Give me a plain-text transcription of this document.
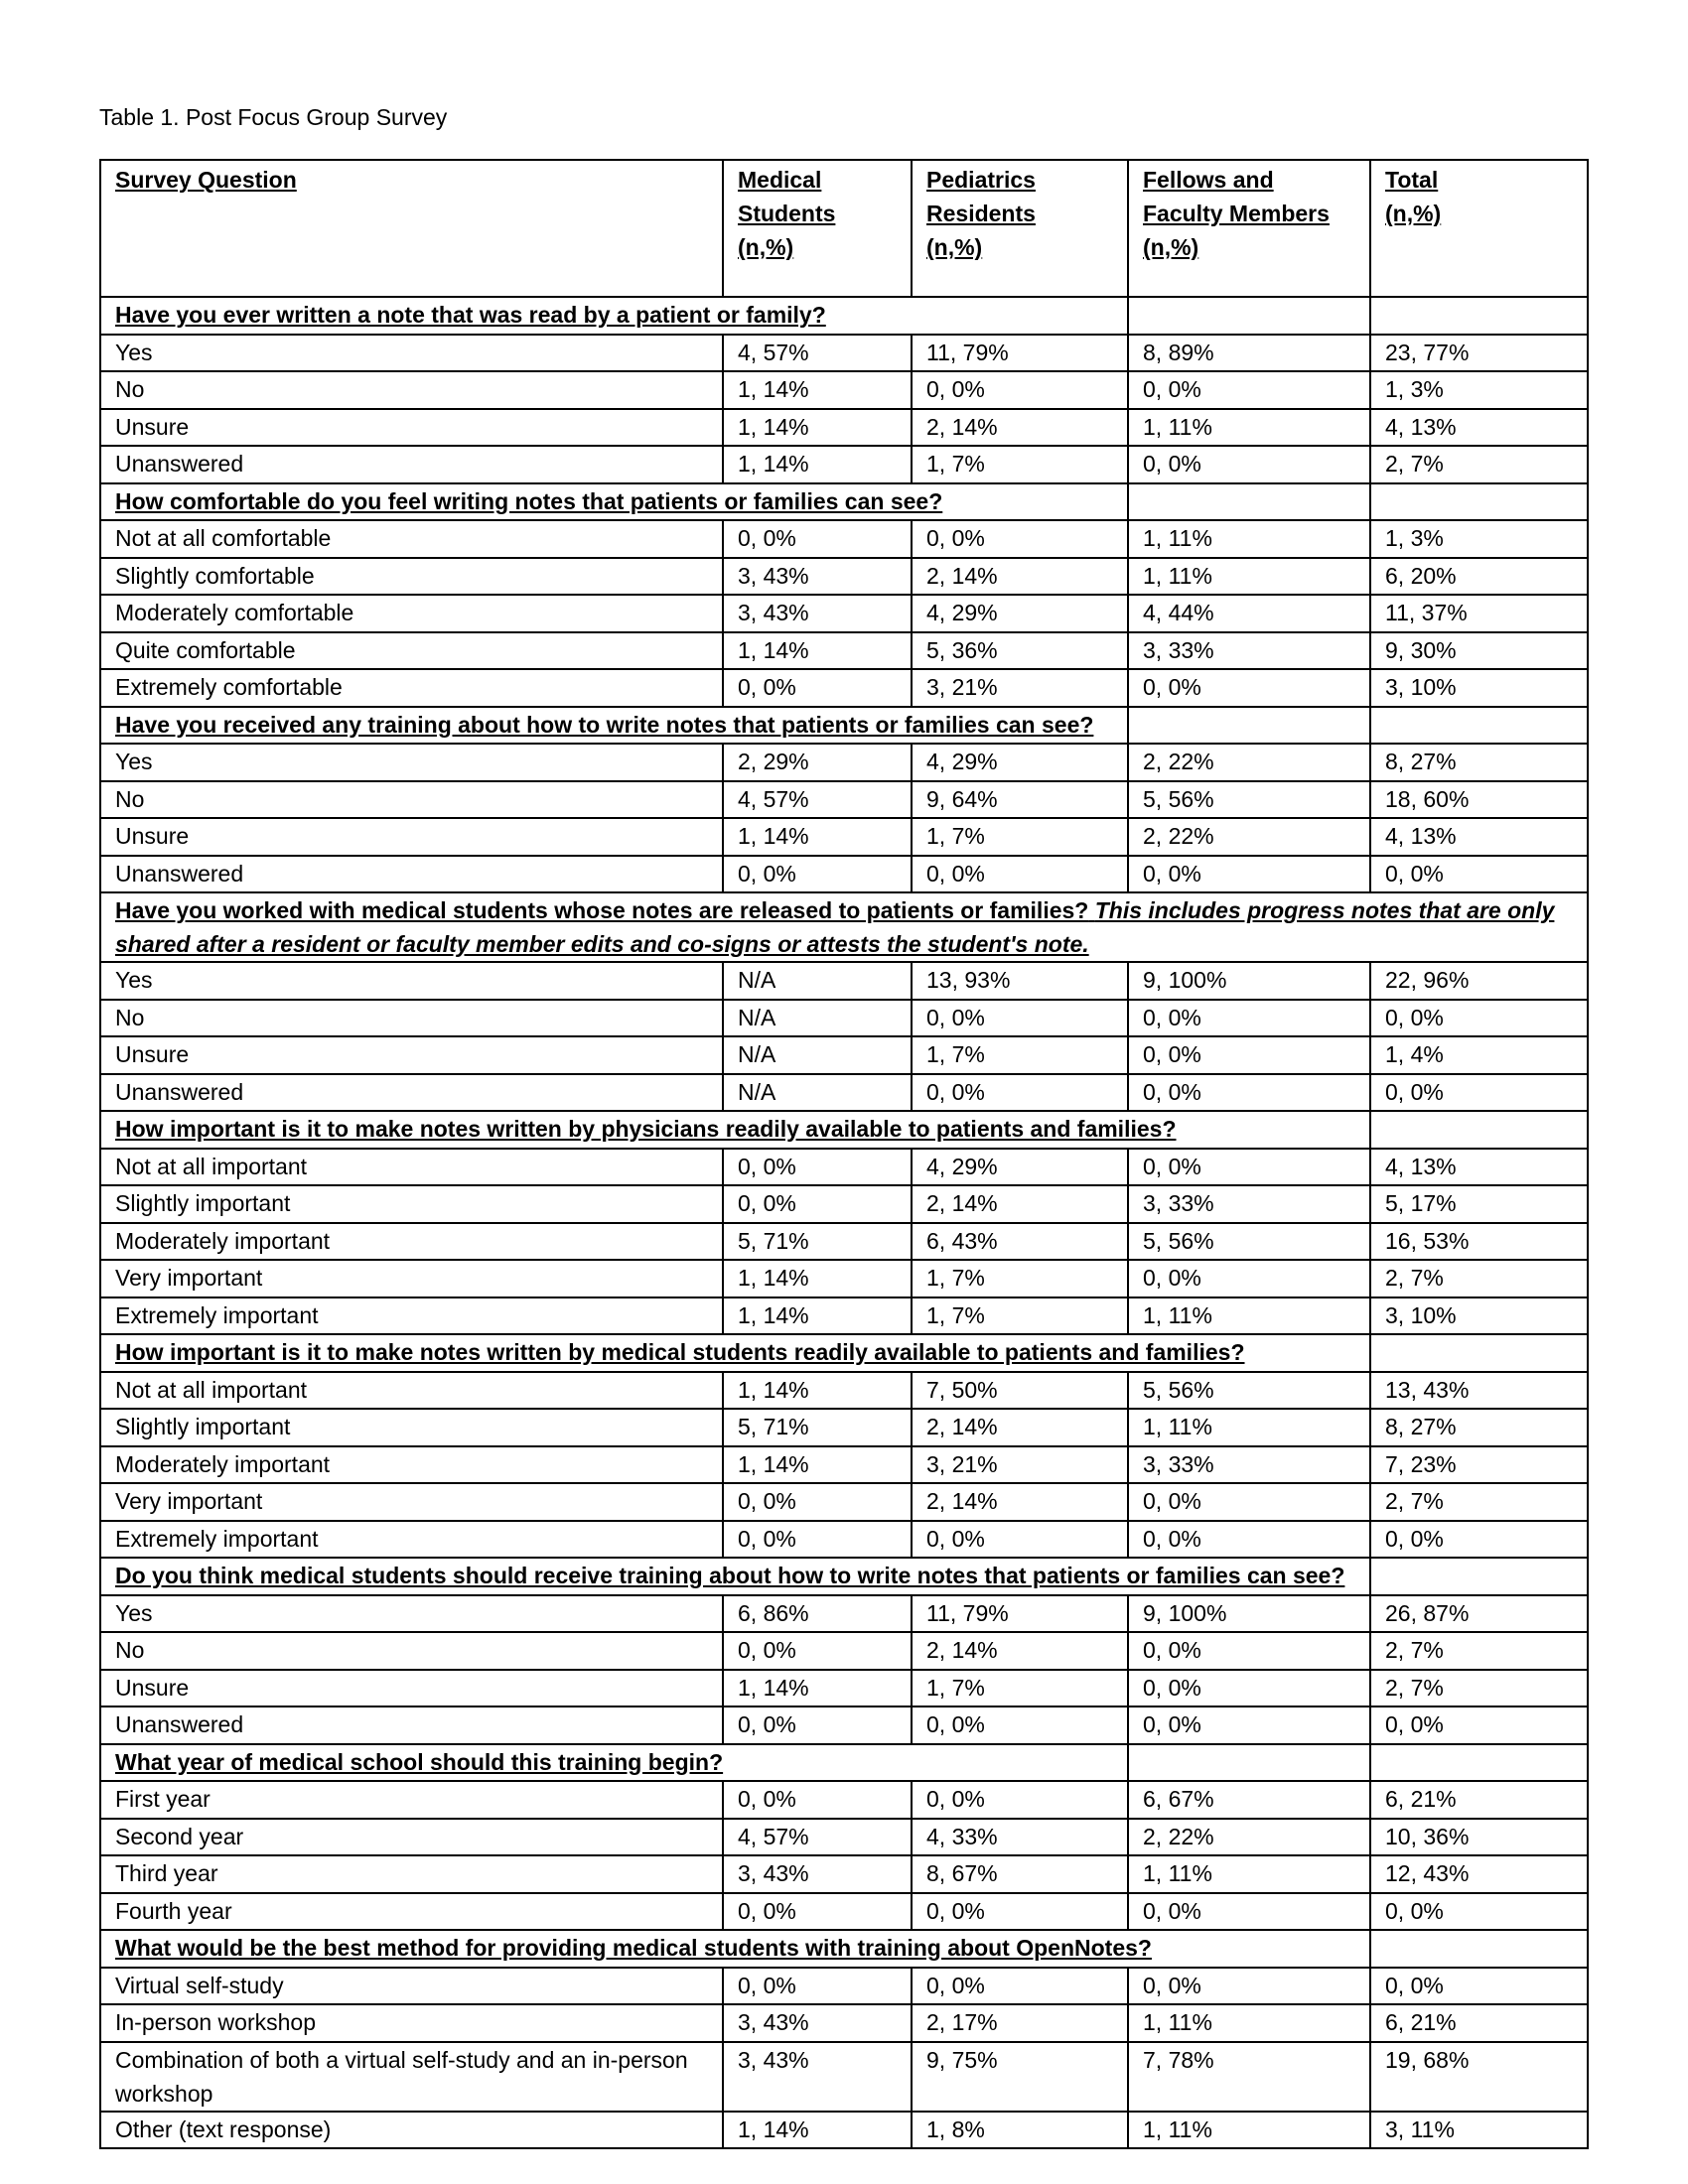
Table 1. Post Focus Group Survey

Survey Question	Medical
Students
(n,%)	Pediatrics
Residents
(n,%)	Fellows and
Faculty Members
(n,%)	Total
(n,%)

Have you ever written a note that was read by a patient or family?				
Yes	4, 57%	11, 79%	8, 89%	23, 77%
No	1, 14%	0, 0%	0, 0%	1, 3%
Unsure	1, 14%	2, 14%	1, 11%	4, 13%
Unanswered	1, 14%	1, 7%	0, 0%	2, 7%
How comfortable do you feel writing notes that patients or families can see?				
Not at all comfortable	0, 0%	0, 0%	1, 11%	1, 3%
Slightly comfortable	3, 43%	2, 14%	1, 11%	6, 20%
Moderately comfortable	3, 43%	4, 29%	4, 44%	11, 37%
Quite comfortable	1, 14%	5, 36%	3, 33%	9, 30%
Extremely comfortable	0, 0%	3, 21%	0, 0%	3, 10%
Have you received any training about how to write notes that patients or families can see?				
Yes	2, 29%	4, 29%	2, 22%	8, 27%
No	4, 57%	9, 64%	5, 56%	18, 60%
Unsure	1, 14%	1, 7%	2, 22%	4, 13%
Unanswered	0, 0%	0, 0%	0, 0%	0, 0%
Have you worked with medical students whose notes are released to patients or families? This includes progress notes that are only shared after a resident or faculty member edits and co-signs or attests the student's note.				
Yes	N/A	13, 93%	9, 100%	22, 96%
No	N/A	0, 0%	0, 0%	0, 0%
Unsure	N/A	1, 7%	0, 0%	1, 4%
Unanswered	N/A	0, 0%	0, 0%	0, 0%
How important is it to make notes written by physicians readily available to patients and families?				
Not at all important	0, 0%	4, 29%	0, 0%	4, 13%
Slightly important	0, 0%	2, 14%	3, 33%	5, 17%
Moderately important	5, 71%	6, 43%	5, 56%	16, 53%
Very important	1, 14%	1, 7%	0, 0%	2, 7%
Extremely important	1, 14%	1, 7%	1, 11%	3, 10%
How important is it to make notes written by medical students readily available to patients and families?				
Not at all important	1, 14%	7, 50%	5, 56%	13, 43%
Slightly important	5, 71%	2, 14%	1, 11%	8, 27%
Moderately important	1, 14%	3, 21%	3, 33%	7, 23%
Very important	0, 0%	2, 14%	0, 0%	2, 7%
Extremely important	0, 0%	0, 0%	0, 0%	0, 0%
Do you think medical students should receive training about how to write notes that patients or families can see?				
Yes	6, 86%	11, 79%	9, 100%	26, 87%
No	0, 0%	2, 14%	0, 0%	2, 7%
Unsure	1, 14%	1, 7%	0, 0%	2, 7%
Unanswered	0, 0%	0, 0%	0, 0%	0, 0%
What year of medical school should this training begin?				
First year	0, 0%	0, 0%	6, 67%	6, 21%
Second year	4, 57%	4, 33%	2, 22%	10, 36%
Third year	3, 43%	8, 67%	1, 11%	12, 43%
Fourth year	0, 0%	0, 0%	0, 0%	0, 0%
What would be the best method for providing medical students with training about OpenNotes?				
Virtual self-study	0, 0%	0, 0%	0, 0%	0, 0%
In-person workshop	3, 43%	2, 17%	1, 11%	6, 21%
Combination of both a virtual self-study and an in-person workshop	3, 43%	9, 75%	7, 78%	19, 68%
Other (text response)	1, 14%	1, 8%	1, 11%	3, 11%
